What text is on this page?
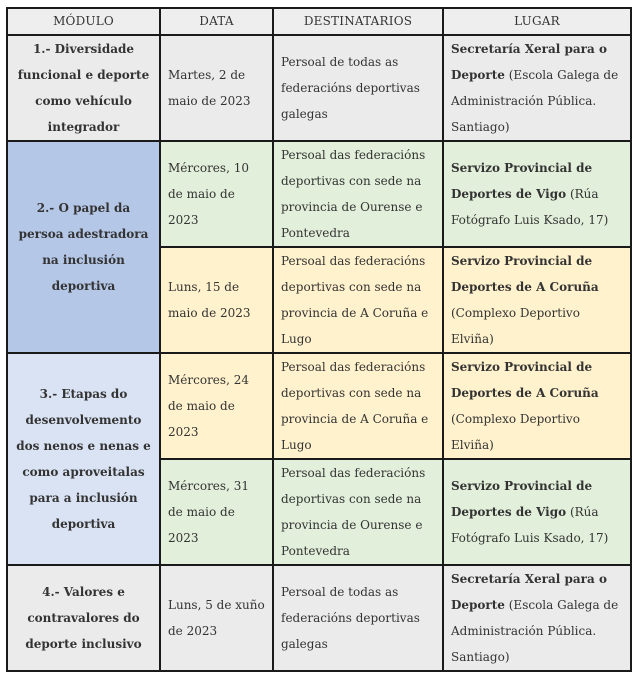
MÓDULO	DATA	DESTINATARIOS	LUGAR
1.- Diversidade funcional e deporte como vehículo integrador	Martes, 2 de maio de 2023	Persoal de todas as federacións deportivas galegas	Secretaría Xeral para o Deporte (Escola Galega de Administración Pública. Santiago)
2.- O papel da persoa adestradora na inclusión deportiva	Mércores, 10 de maio de 2023	Persoal das federacións deportivas con sede na provincia de Ourense e Pontevedra	Servizo Provincial de Deportes de Vigo (Rúa Fotógrafo Luis Ksado, 17)
	Luns, 15 de maio de 2023	Persoal das federacións deportivas con sede na provincia de A Coruña e Lugo	Servizo Provincial de Deportes de A Coruña (Complexo Deportivo Elviña)
3.- Etapas do desenvolvemento dos nenos e nenas e como aproveitalas para a inclusión deportiva	Mércores, 24 de maio de 2023	Persoal das federacións deportivas con sede na provincia de A Coruña e Lugo	Servizo Provincial de Deportes de A Coruña (Complexo Deportivo Elviña)
	Mércores, 31 de maio de 2023	Persoal das federacións deportivas con sede na provincia de Ourense e Pontevedra	Servizo Provincial de Deportes de Vigo (Rúa Fotógrafo Luis Ksado, 17)
4.- Valores e contravalores do deporte inclusivo	Luns, 5 de xuño de 2023	Persoal de todas as federacións deportivas galegas	Secretaría Xeral para o Deporte (Escola Galega de Administración Pública. Santiago)
